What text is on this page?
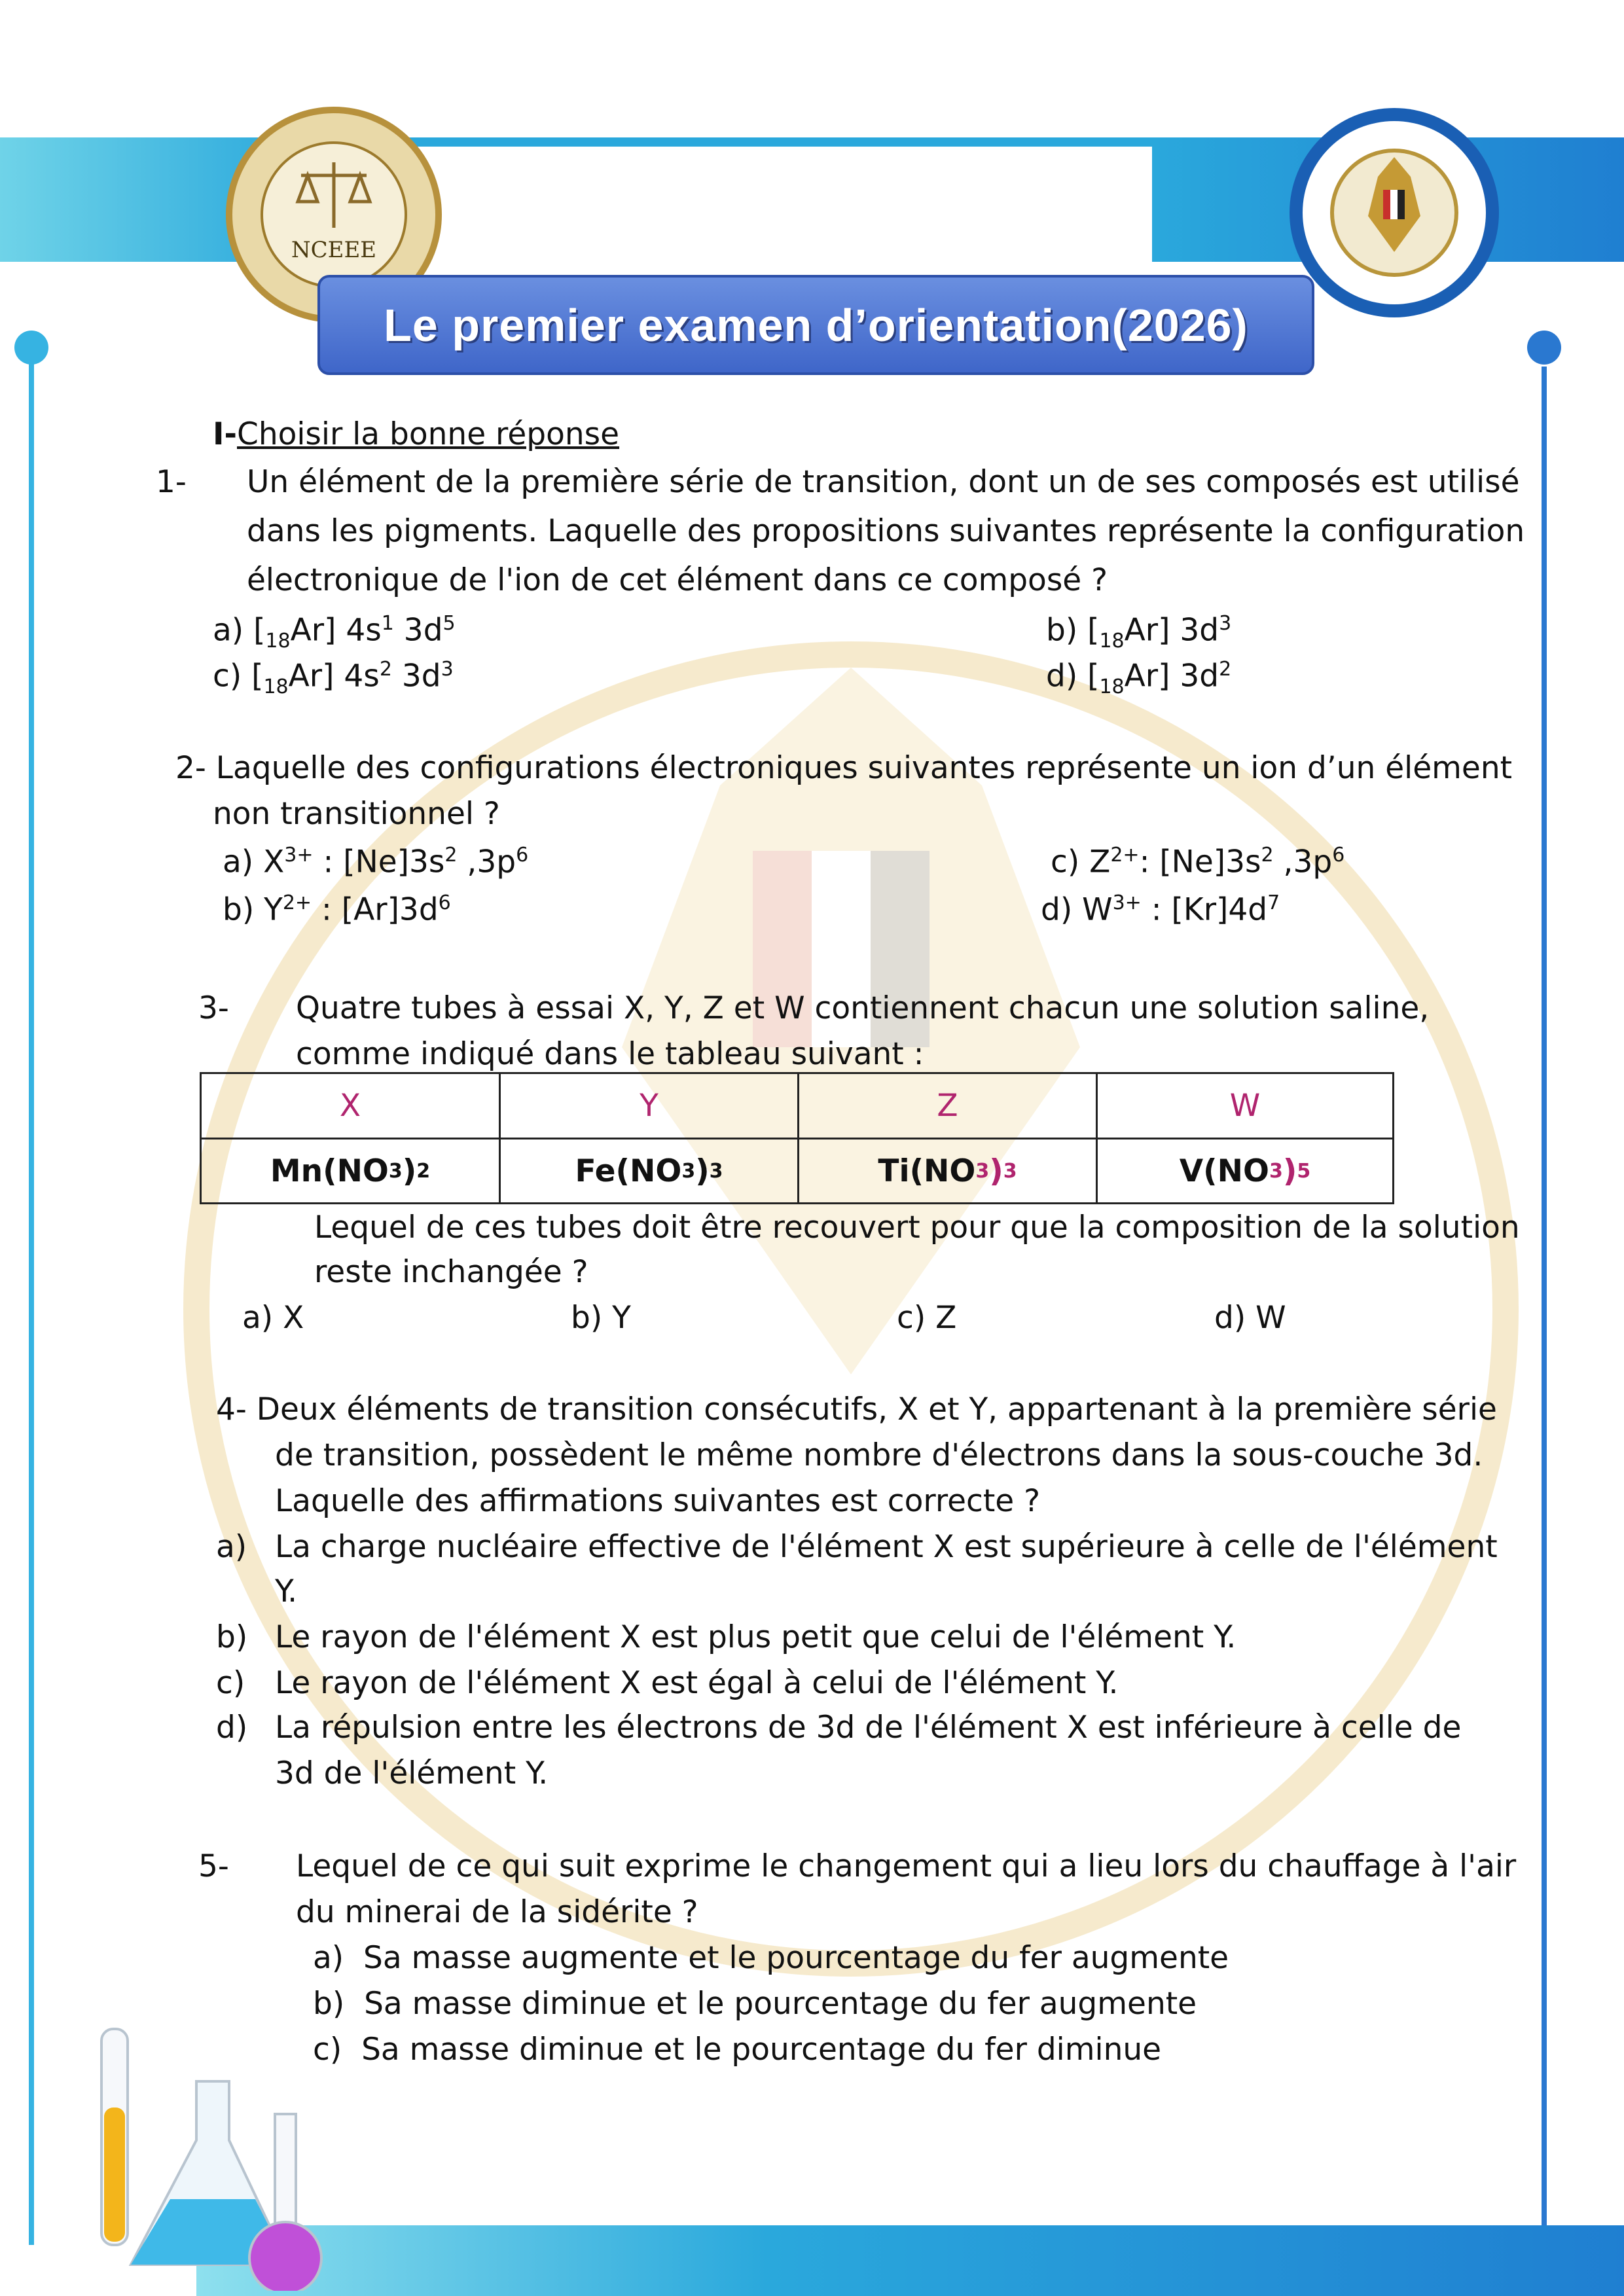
NCEEE
Le premier examen d’orientation(2026)
I-Choisir la bonne réponse
1- Un élément de la première série de transition, dont un de ses composés est utilisé
dans les pigments. Laquelle des propositions suivantes représente la configuration
électronique de l'ion de cet élément dans ce composé ?
a) $[_{18}Ar]$ $4s^1$ $3d^5$	b) $[_{18}Ar]$ $3d^3$
c) $[_{18}Ar]$ $4s^2$ $3d^3$	d) $[_{18}Ar]$ $3d^2$
2- Laquelle des configurations électroniques suivantes représente un ion d’un élément
non transitionnel ?
a) $X^{3+}$ : $[Ne]3s^2$ $,3p^6$	c) $Z^{2+}$: $[Ne]3s^2$ $,3p^6$
b) $Y^{2+}$ : $[Ar]3d^6$	d) $W^{3+}$ : $[Kr]4d^7$
3- Quatre tubes à essai X, Y, Z et W contiennent chacun une solution saline,
comme indiqué dans le tableau suivant :
X	Y	Z	W
Mn(NO 3 ) 2	Fe(NO 3 ) 3	Ti(NO 3 ) 3	V(NO 3 ) 5
Lequel de ces tubes doit être recouvert pour que la composition de la solution
reste inchangée ?
a) X	b) Y	c) Z	d) W
4- Deux éléments de transition consécutifs, X et Y, appartenant à la première série
de transition, possèdent le même nombre d'électrons dans la sous-couche 3d.
Laquelle des affirmations suivantes est correcte ?
a) La charge nucléaire effective de l'élément X est supérieure à celle de l'élément
Y.
b) Le rayon de l'élément X est plus petit que celui de l'élément Y.
c) Le rayon de l'élément X est égal à celui de l'élément Y.
d) La répulsion entre les électrons de 3d de l'élément X est inférieure à celle de
3d de l'élément Y.
5- Lequel de ce qui suit exprime le changement qui a lieu lors du chauffage à l'air
du minerai de la sidérite ?
a) Sa masse augmente et le pourcentage du fer augmente
b) Sa masse diminue et le pourcentage du fer augmente
c) Sa masse diminue et le pourcentage du fer diminue
